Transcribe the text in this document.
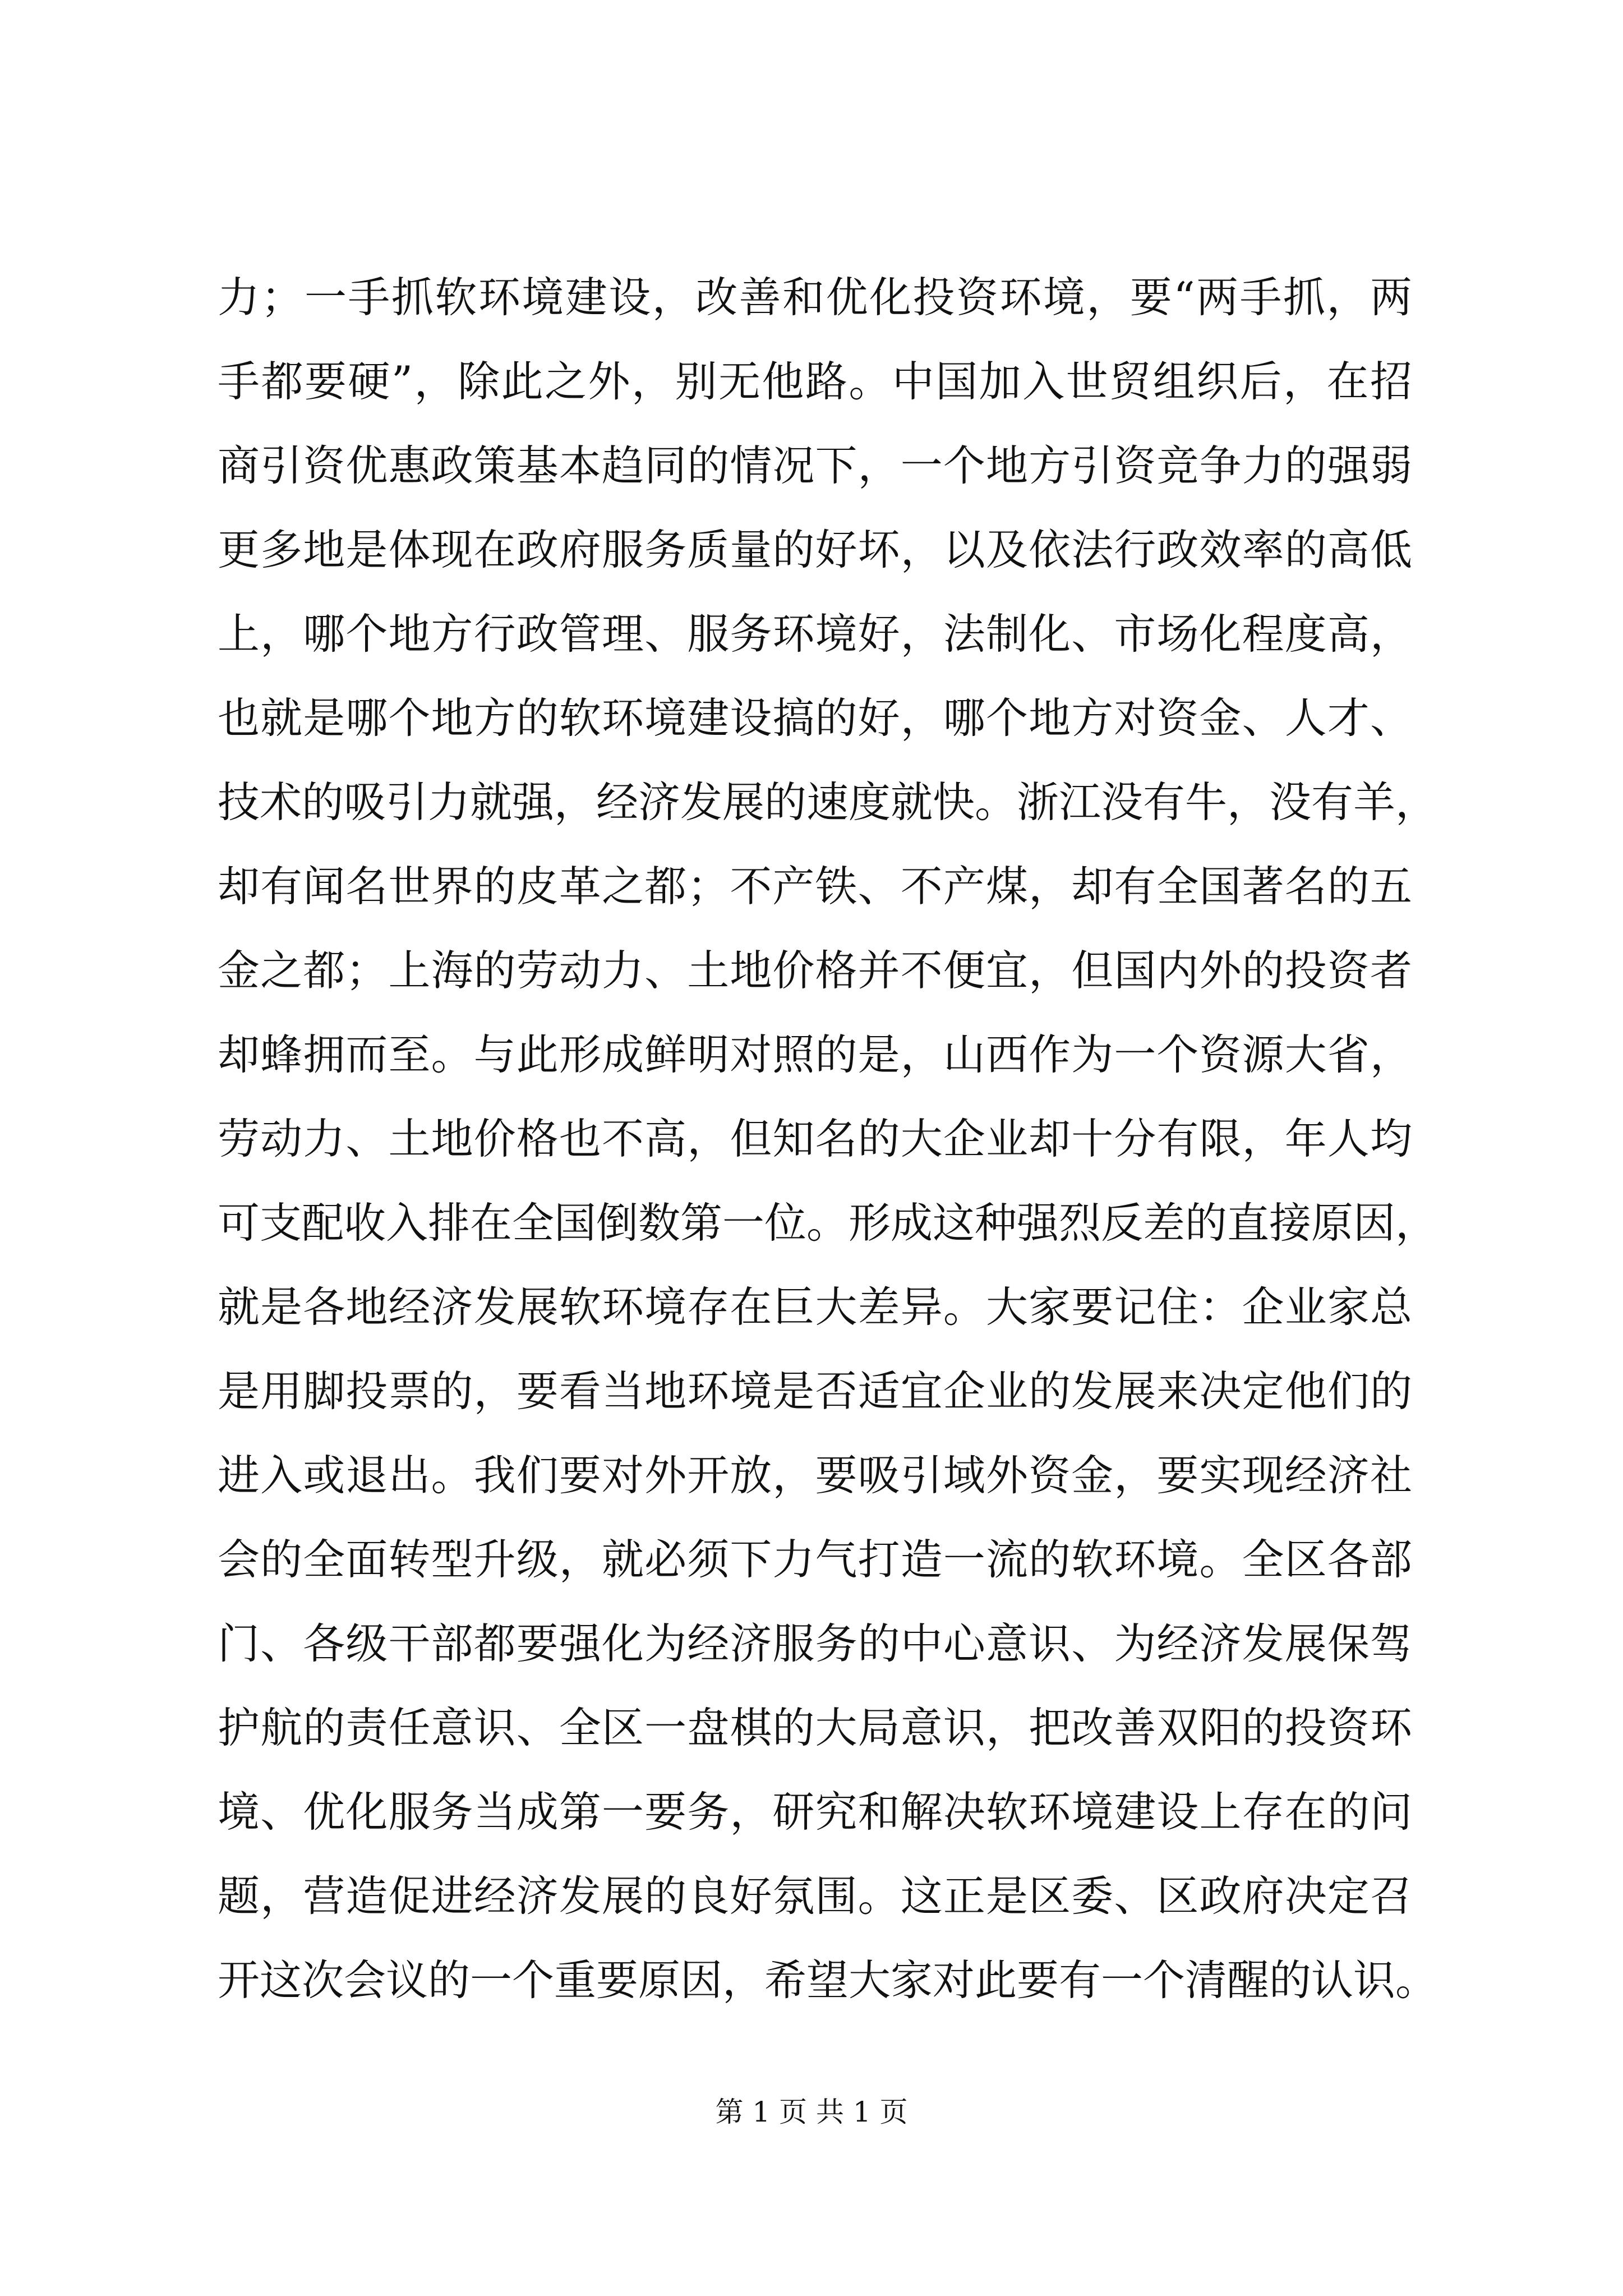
力；一手抓软环境建设，改善和优化投资环境，要“两手抓，两
手都要硬”，除此之外，别无他路。中国加入世贸组织后，在招
商引资优惠政策基本趋同的情况下，一个地方引资竞争力的强弱
更多地是体现在政府服务质量的好坏，以及依法行政效率的高低
上，哪个地方行政管理、服务环境好，法制化、市场化程度高，
也就是哪个地方的软环境建设搞的好，哪个地方对资金、人才、
技术的吸引力就强，经济发展的速度就快。浙江没有牛，没有羊，
却有闻名世界的皮革之都；不产铁、不产煤，却有全国著名的五
金之都；上海的劳动力、土地价格并不便宜，但国内外的投资者
却蜂拥而至。与此形成鲜明对照的是，山西作为一个资源大省，
劳动力、土地价格也不高，但知名的大企业却十分有限，年人均
可支配收入排在全国倒数第一位。形成这种强烈反差的直接原因，
就是各地经济发展软环境存在巨大差异。大家要记住：企业家总
是用脚投票的，要看当地环境是否适宜企业的发展来决定他们的
进入或退出。我们要对外开放，要吸引域外资金，要实现经济社
会的全面转型升级，就必须下力气打造一流的软环境。全区各部
门、各级干部都要强化为经济服务的中心意识、为经济发展保驾
护航的责任意识、全区一盘棋的大局意识，把改善双阳的投资环
境、优化服务当成第一要务，研究和解决软环境建设上存在的问
题，营造促进经济发展的良好氛围。这正是区委、区政府决定召
开这次会议的一个重要原因，希望大家对此要有一个清醒的认识。
第 1 页 共 1 页
